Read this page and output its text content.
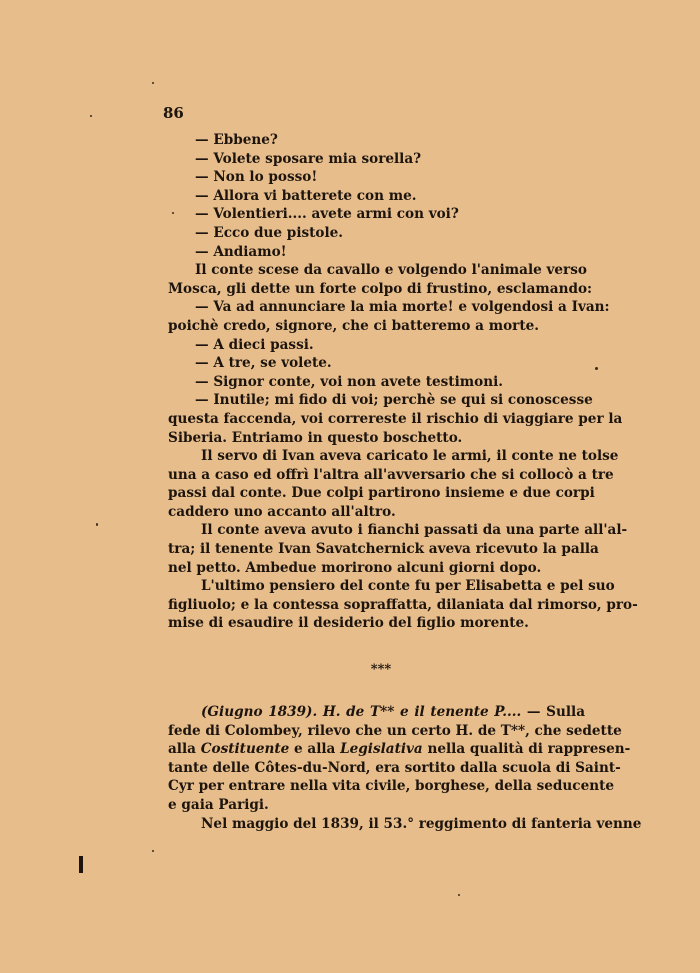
86
— Ebbene?
— Volete sposare mia sorella?
— Non lo posso!
— Allora vi batterete con me.
— Volentieri.... avete armi con voi?
— Ecco due pistole.
— Andiamo!
Il conte scese da cavallo e volgendo l'animale verso
Mosca, gli dette un forte colpo di frustino, esclamando:
— Va ad annunciare la mia morte! e volgendosi a Ivan:
poichè credo, signore, che ci batteremo a morte.
— A dieci passi.
— A tre, se volete.
— Signor conte, voi non avete testimoni.
— Inutile; mi fido di voi; perchè se qui si conoscesse
questa faccenda, voi correreste il rischio di viaggiare per la
Siberia. Entriamo in questo boschetto.
Il servo di Ivan aveva caricato le armi, il conte ne tolse
una a caso ed offrì l'altra all'avversario che si collocò a tre
passi dal conte. Due colpi partirono insieme e due corpi
caddero uno accanto all'altro.
Il conte aveva avuto i fianchi passati da una parte all'al-
tra; il tenente Ivan Savatchernick aveva ricevuto la palla
nel petto. Ambedue morirono alcuni giorni dopo.
L'ultimo pensiero del conte fu per Elisabetta e pel suo
figliuolo; e la contessa sopraffatta, dilaniata dal rimorso, pro-
mise di esaudire il desiderio del figlio morente.
***
(Giugno 1839). H. de T** e il tenente P.... — Sulla
fede di Colombey, rilevo che un certo H. de T**, che sedette
alla Costituente e alla Legislativa nella qualità di rappresen-
tante delle Côtes-du-Nord, era sortito dalla scuola di Saint-
Cyr per entrare nella vita civile, borghese, della seducente
e gaia Parigi.
Nel maggio del 1839, il 53.° reggimento di fanteria venne
